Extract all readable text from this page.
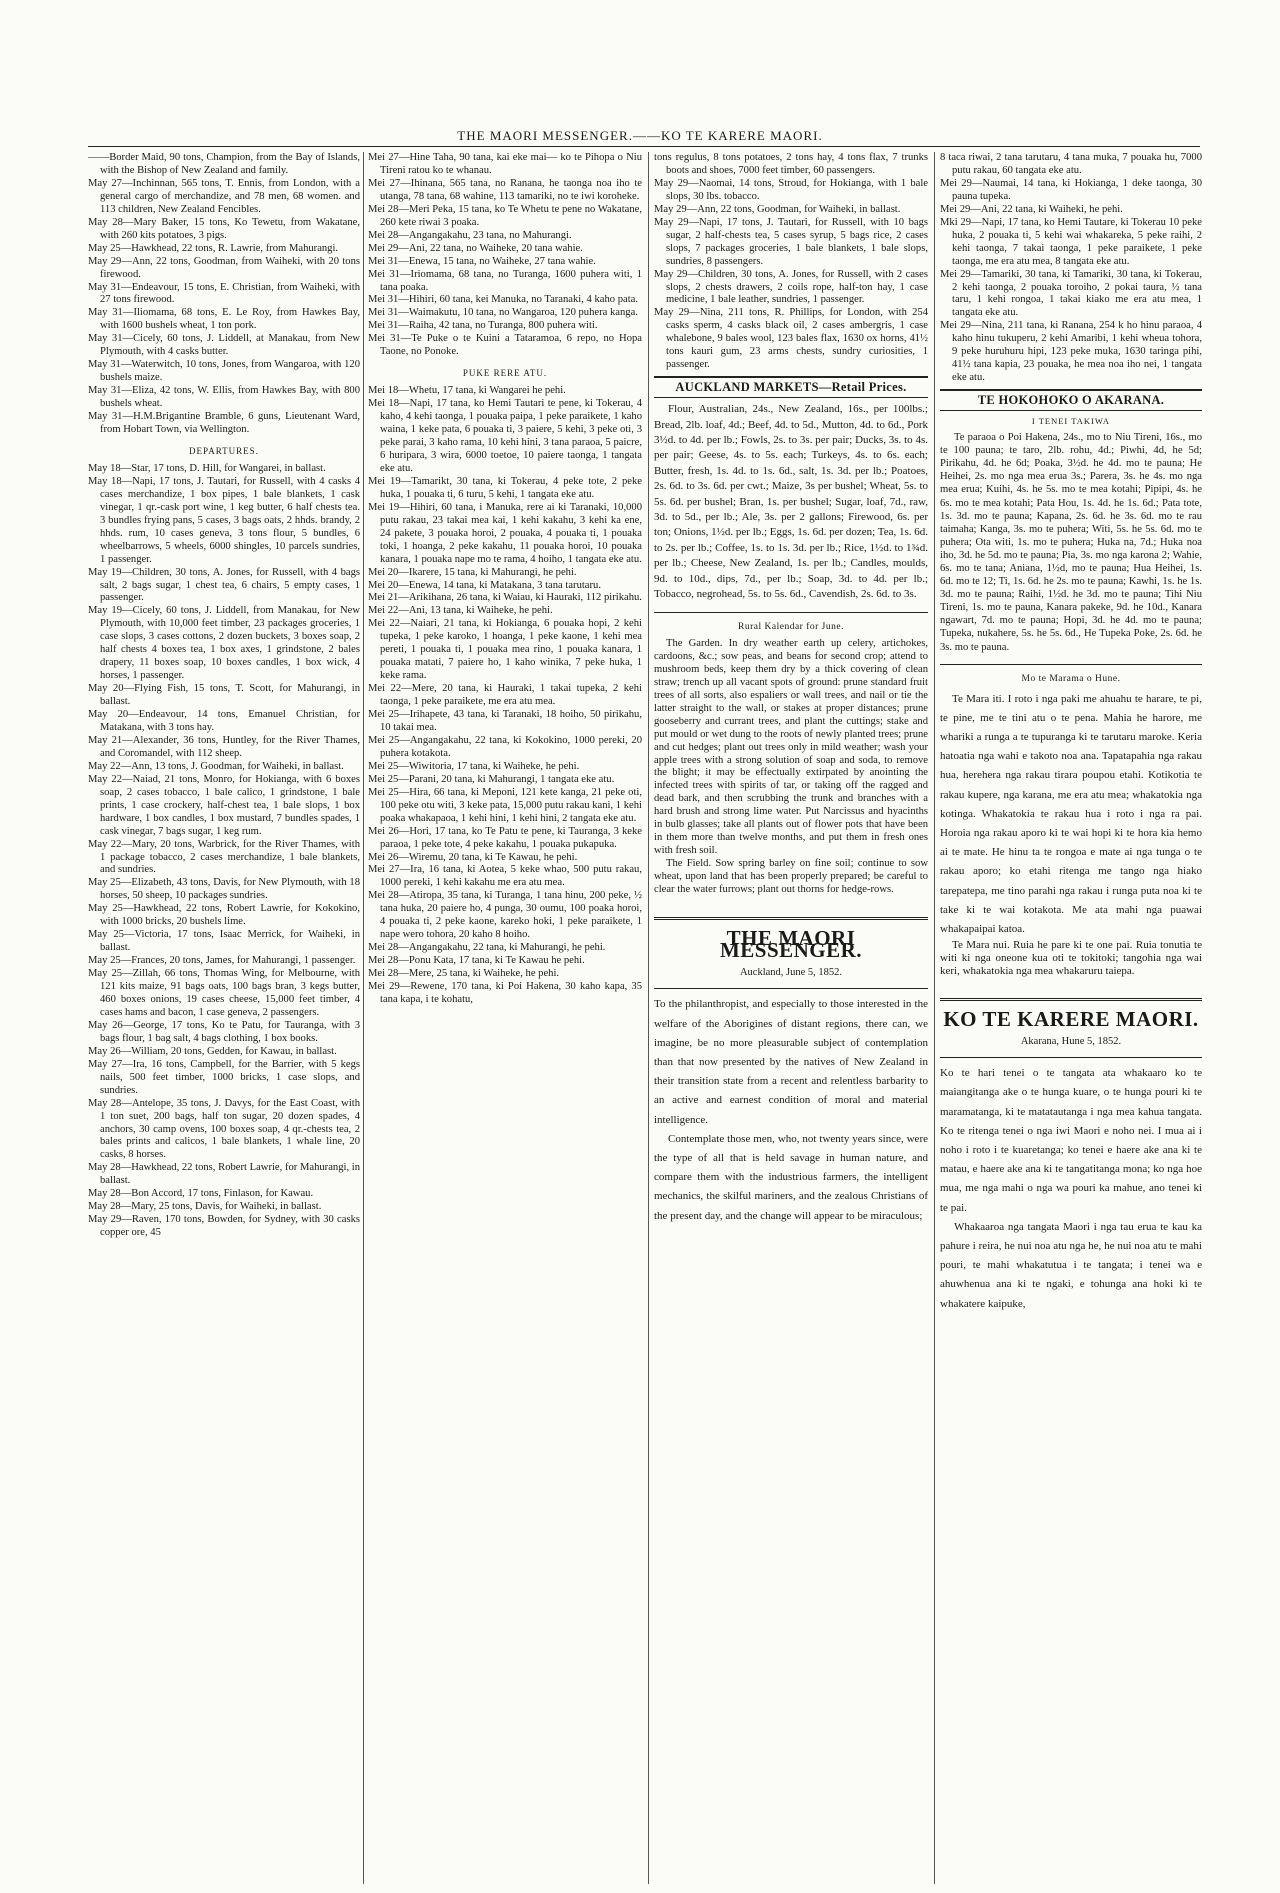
THE MAORI MESSENGER.——KO TE KARERE MAORI.

——Border Maid, 90 tons, Champion, from the Bay of Islands, with the Bishop of New Zealand and family.

May 27—Inchinnan, 565 tons, T. Ennis, from London, with a general cargo of merchandize, and 78 men, 68 women. and 113 children, New Zealand Fencibles.

May 28—Mary Baker, 15 tons, Ko Tewetu, from Wakatane, with 260 kits potatoes, 3 pigs.

May 25—Hawkhead, 22 tons, R. Lawrie, from Mahurangi.

May 29—Ann, 22 tons, Goodman, from Waiheki, with 20 tons firewood.

May 31—Endeavour, 15 tons, E. Christian, from Waiheki, with 27 tons firewood.

May 31—Iliomama, 68 tons, E. Le Roy, from Hawkes Bay, with 1600 bushels wheat, 1 ton pork.

May 31—Cicely, 60 tons, J. Liddell, at Manakau, from New Plymouth, with 4 casks butter.

May 31—Waterwitch, 10 tons, Jones, from Wangaroa, with 120 bushels maize.

May 31—Eliza, 42 tons, W. Ellis, from Hawkes Bay, with 800 bushels wheat.

May 31—H.M.Brigantine Bramble, 6 guns, Lieutenant Ward, from Hobart Town, via Wellington.

DEPARTURES.

May 18—Star, 17 tons, D. Hill, for Wangarei, in ballast.

May 18—Napi, 17 tons, J. Tautari, for Russell, with 4 casks 4 cases merchandize, 1 box pipes, 1 bale blankets, 1 cask vinegar, 1 qr.-cask port wine, 1 keg butter, 6 half chests tea. 3 bundles frying pans, 5 cases, 3 bags oats, 2 hhds. brandy, 2 hhds. rum, 10 cases geneva, 3 tons flour, 5 bundles, 6 wheelbarrows, 5 wheels, 6000 shingles, 10 parcels sundries, 1 passenger.

May 19—Children, 30 tons, A. Jones, for Russell, with 4 bags salt, 2 bags sugar, 1 chest tea, 6 chairs, 5 empty cases, 1 passenger.

May 19—Cicely, 60 tons, J. Liddell, from Manakau, for New Plymouth, with 10,000 feet timber, 23 packages groceries, 1 case slops, 3 cases cottons, 2 dozen buckets, 3 boxes soap, 2 half chests 4 boxes tea, 1 box axes, 1 grindstone, 2 bales drapery, 11 boxes soap, 10 boxes candles, 1 box wick, 4 horses, 1 passenger.

May 20—Flying Fish, 15 tons, T. Scott, for Mahurangi, in ballast.

May 20—Endeavour, 14 tons, Emanuel Christian, for Matakana, with 3 tons hay.

May 21—Alexander, 36 tons, Huntley, for the River Thames, and Coromandel, with 112 sheep.

May 22—Ann, 13 tons, J. Goodman, for Waiheki, in ballast.

May 22—Naiad, 21 tons, Monro, for Hokianga, with 6 boxes soap, 2 cases tobacco, 1 bale calico, 1 grindstone, 1 bale prints, 1 case crockery, half-chest tea, 1 bale slops, 1 box hardware, 1 box candles, 1 box mustard, 7 bundles spades, 1 cask vinegar, 7 bags sugar, 1 keg rum.

May 22—Mary, 20 tons, Warbrick, for the River Thames, with 1 package tobacco, 2 cases merchandize, 1 bale blankets, and sundries.

May 25—Elizabeth, 43 tons, Davis, for New Plymouth, with 18 horses, 50 sheep, 10 packages sundries.

May 25—Hawkhead, 22 tons, Robert Lawrie, for Kokokino, with 1000 bricks, 20 bushels lime.

May 25—Victoria, 17 tons, Isaac Merrick, for Waiheki, in ballast.

May 25—Frances, 20 tons, James, for Mahurangi, 1 passenger.

May 25—Zillah, 66 tons, Thomas Wing, for Melbourne, with 121 kits maize, 91 bags oats, 100 bags bran, 3 kegs butter, 460 boxes onions, 19 cases cheese, 15,000 feet timber, 4 cases hams and bacon, 1 case geneva, 2 passengers.

May 26—George, 17 tons, Ko te Patu, for Tauranga, with 3 bags flour, 1 bag salt, 4 bags clothing, 1 box books.

May 26—William, 20 tons, Gedden, for Kawau, in ballast.

May 27—Ira, 16 tons, Campbell, for the Barrier, with 5 kegs nails, 500 feet timber, 1000 bricks, 1 case slops, and sundries.

May 28—Antelope, 35 tons, J. Davys, for the East Coast, with 1 ton suet, 200 bags, half ton sugar, 20 dozen spades, 4 anchors, 30 camp ovens, 100 boxes soap, 4 qr.-chests tea, 2 bales prints and calicos, 1 bale blankets, 1 whale line, 20 casks, 8 horses.

May 28—Hawkhead, 22 tons, Robert Lawrie, for Mahurangi, in ballast.

May 28—Bon Accord, 17 tons, Finlason, for Kawau.

May 28—Mary, 25 tons, Davis, for Waiheki, in ballast.

May 29—Raven, 170 tons, Bowden, for Sydney, with 30 casks copper ore, 45

Mei 27—Hine Taha, 90 tana, kai eke mai— ko te Pihopa o Niu Tireni ratou ko te whanau.

Mei 27—Ihinana, 565 tana, no Ranana, he taonga noa iho te utanga, 78 tana, 68 wahine, 113 tamariki, no te iwi koroheke.

Mei 28—Meri Peka, 15 tana, ko Te Whetu te pene no Wakatane, 260 kete riwai 3 poaka.

Mei 28—Angangakahu, 23 tana, no Mahurangi.

Mei 29—Ani, 22 tana, no Waiheke, 20 tana wahie.

Mei 31—Enewa, 15 tana, no Waiheke, 27 tana wahie.

Mei 31—Iriomama, 68 tana, no Turanga, 1600 puhera witi, 1 tana poaka.

Mei 31—Hihiri, 60 tana, kei Manuka, no Taranaki, 4 kaho pata.

Mei 31—Waimakutu, 10 tana, no Wangaroa, 120 puhera kanga.

Mei 31—Raiha, 42 tana, no Turanga, 800 puhera witi.

Mei 31—Te Puke o te Kuini a Tataramoa, 6 repo, no Hopa Taone, no Ponoke.

PUKE RERE ATU.

Mei 18—Whetu, 17 tana, ki Wangarei he pehi.

Mei 18—Napi, 17 tana, ko Hemi Tautari te pene, ki Tokerau, 4 kaho, 4 kehi taonga, 1 pouaka paipa, 1 peke paraikete, 1 kaho waina, 1 keke pata, 6 pouaka ti, 3 paiere, 5 kehi, 3 peke oti, 3 peke parai, 3 kaho rama, 10 kehi hini, 3 tana paraoa, 5 paicre, 6 huripara, 3 wira, 6000 toetoe, 10 paiere taonga, 1 tangata eke atu.

Mei 19—Tamarikt, 30 tana, ki Tokerau, 4 peke tote, 2 peke huka, 1 pouaka ti, 6 turu, 5 kehi, 1 tangata eke atu.

Mei 19—Hihiri, 60 tana, i Manuka, rere ai ki Taranaki, 10,000 putu rakau, 23 takai mea kai, 1 kehi kakahu, 3 kehi ka ene, 24 pakete, 3 pouaka horoi, 2 pouaka, 4 pouaka ti, 1 pouaka toki, 1 hoanga, 2 peke kakahu, 11 pouaka horoi, 10 pouaka kanara, 1 pouaka nape mo te rama, 4 hoiho, 1 tangata eke atu.

Mei 20—Ikarere, 15 tana, ki Mahurangi, he pehi.

Mei 20—Enewa, 14 tana, ki Matakana, 3 tana tarutaru.

Mei 21—Arikihana, 26 tana, ki Waiau, ki Hauraki, 112 pirikahu.

Mei 22—Ani, 13 tana, ki Waiheke, he pehi.

Mei 22—Naiari, 21 tana, ki Hokianga, 6 pouaka hopi, 2 kehi tupeka, 1 peke karoko, 1 hoanga, 1 peke kaone, 1 kehi mea pereti, 1 pouaka ti, 1 pouaka mea rino, 1 pouaka kanara, 1 pouaka matati, 7 paiere ho, 1 kaho winika, 7 peke huka, 1 keke rama.

Mei 22—Mere, 20 tana, ki Hauraki, 1 takai tupeka, 2 kehi taonga, 1 peke paraikete, me era atu mea.

Mei 25—Irihapete, 43 tana, ki Taranaki, 18 hoiho, 50 pirikahu, 10 takai mea.

Mei 25—Angangakahu, 22 tana, ki Kokokino, 1000 pereki, 20 puhera kotakota.

Mei 25—Wiwitoria, 17 tana, ki Waiheke, he pehi.

Mei 25—Parani, 20 tana, ki Mahurangi, 1 tangata eke atu.

Mei 25—Hira, 66 tana, ki Meponi, 121 kete kanga, 21 peke oti, 100 peke otu witi, 3 keke pata, 15,000 putu rakau kani, 1 kehi poaka whakapaoa, 1 kehi hini, 1 kehi hini, 2 tangata eke atu.

Mei 26—Hori, 17 tana, ko Te Patu te pene, ki Tauranga, 3 keke paraoa, 1 peke tote, 4 peke kakahu, 1 pouaka pukapuka.

Mei 26—Wiremu, 20 tana, ki Te Kawau, he pehi.

Mei 27—Ira, 16 tana, ki Aotea, 5 keke whao, 500 putu rakau, 1000 pereki, 1 kehi kakahu me era atu mea.

Mei 28—Atiropa, 35 tana, ki Turanga, 1 tana hinu, 200 peke, ½ tana huka, 20 paiere ho, 4 punga, 30 oumu, 100 poaka horoi, 4 pouaka ti, 2 peke kaone, kareko hoki, 1 peke paraikete, 1 nape wero tohora, 20 kaho 8 hoiho.

Mei 28—Angangakahu, 22 tana, ki Mahurangi, he pehi.

Mei 28—Ponu Kata, 17 tana, ki Te Kawau he pehi.

Mei 28—Mere, 25 tana, ki Waiheke, he pehi.

Mei 29—Rewene, 170 tana, ki Poi Hakena, 30 kaho kapa, 35 tana kapa, i te kohatu,

tons regulus, 8 tons potatoes, 2 tons hay, 4 tons flax, 7 trunks boots and shoes, 7000 feet timber, 60 passengers.

May 29—Naomai, 14 tons, Stroud, for Hokianga, with 1 bale slops, 30 lbs. tobacco.

May 29—Ann, 22 tons, Goodman, for Waiheki, in ballast.

May 29—Napi, 17 tons, J. Tautari, for Russell, with 10 bags sugar, 2 half-chests tea, 5 cases syrup, 5 bags rice, 2 cases slops, 7 packages groceries, 1 bale blankets, 1 bale slops, sundries, 8 passengers.

May 29—Children, 30 tons, A. Jones, for Russell, with 2 cases slops, 2 chests drawers, 2 coils rope, half-ton hay, 1 case medicine, 1 bale leather, sundries, 1 passenger.

May 29—Nina, 211 tons, R. Phillips, for London, with 254 casks sperm, 4 casks black oil, 2 cases ambergris, 1 case whalebone, 9 bales wool, 123 bales flax, 1630 ox horns, 41½ tons kauri gum, 23 arms chests, sundry curiosities, 1 passenger.

AUCKLAND MARKETS—Retail Prices.

Flour, Australian, 24s., New Zealand, 16s., per 100lbs.; Bread, 2lb. loaf, 4d.; Beef, 4d. to 5d., Mutton, 4d. to 6d., Pork 3½d. to 4d. per lb.; Fowls, 2s. to 3s. per pair; Ducks, 3s. to 4s. per pair; Geese, 4s. to 5s. each; Turkeys, 4s. to 6s. each; Butter, fresh, 1s. 4d. to 1s. 6d., salt, 1s. 3d. per lb.; Poatoes, 2s. 6d. to 3s. 6d. per cwt.; Maize, 3s per bushel; Wheat, 5s. to 5s. 6d. per bushel; Bran, 1s. per bushel; Sugar, loaf, 7d., raw, 3d. to 5d., per lb.; Ale, 3s. per 2 gallons; Firewood, 6s. per ton; Onions, 1½d. per lb.; Eggs, 1s. 6d. per dozen; Tea, 1s. 6d. to 2s. per lb.; Coffee, 1s. to 1s. 3d. per lb.; Rice, 1½d. to 1¾d. per lb.; Cheese, New Zealand, 1s. per lb.; Candles, moulds, 9d. to 10d., dips, 7d., per lb.; Soap, 3d. to 4d. per lb.; Tobacco, negrohead, 5s. to 5s. 6d., Cavendish, 2s. 6d. to 3s.

Rural Kalendar for June.

The Garden. In dry weather earth up celery, artichokes, cardoons, &c.; sow peas, and beans for second crop; attend to mushroom beds, keep them dry by a thick covering of clean straw; trench up all vacant spots of ground: prune standard fruit trees of all sorts, also espaliers or wall trees, and nail or tie the latter straight to the wall, or stakes at proper distances; prune gooseberry and currant trees, and plant the cuttings; stake and put mould or wet dung to the roots of newly planted trees; prune and cut hedges; plant out trees only in mild weather; wash your apple trees with a strong solution of soap and soda, to remove the blight; it may be effectually extirpated by anointing the infected trees with spirits of tar, or taking off the ragged and dead bark, and then scrubbing the trunk and branches with a hard brush and strong lime water. Put Narcissus and hyacinths in bulb glasses; take all plants out of flower pots that have been in them more than twelve months, and put them in fresh ones with fresh soil.

The Field. Sow spring barley on fine soil; continue to sow wheat, upon land that has been properly prepared; be careful to clear the water furrows; plant out thorns for hedge-rows.

THE MAORI MESSENGER.
Auckland, June 5, 1852.

To the philanthropist, and especially to those interested in the welfare of the Aborigines of distant regions, there can, we imagine, be no more pleasurable subject of contemplation than that now presented by the natives of New Zealand in their transition state from a recent and relentless barbarity to an active and earnest condition of moral and material intelligence.

Contemplate those men, who, not twenty years since, were the type of all that is held savage in human nature, and compare them with the industrious farmers, the intelligent mechanics, the skilful mariners, and the zealous Christians of the present day, and the change will appear to be miraculous;

8 taca riwai, 2 tana tarutaru, 4 tana muka, 7 pouaka hu, 7000 putu rakau, 60 tangata eke atu.

Mei 29—Naumai, 14 tana, ki Hokianga, 1 deke taonga, 30 pauna tupeka.

Mei 29—Ani, 22 tana, ki Waiheki, he pehi.

Mki 29—Napi, 17 tana, ko Hemi Tautare, ki Tokerau 10 peke huka, 2 pouaka ti, 5 kehi wai whakareka, 5 peke raihi, 2 kehi taonga, 7 takai taonga, 1 peke paraikete, 1 peke taonga, me era atu mea, 8 tangata eke atu.

Mei 29—Tamariki, 30 tana, ki Tamariki, 30 tana, ki Tokerau, 2 kehi taonga, 2 pouaka toroiho, 2 pokai taura, ½ tana taru, 1 kehi rongoa, 1 takai kiako me era atu mea, 1 tangata eke atu.

Mei 29—Nina, 211 tana, ki Ranana, 254 k ho hinu paraoa, 4 kaho hinu tukuperu, 2 kehi Amaribi, 1 kehi wheua tohora, 9 peke huruhuru hipi, 123 peke muka, 1630 taringa pihi, 41½ tana kapia, 23 pouaka, he mea noa iho nei, 1 tangata eke atu.

TE HOKOHOKO O AKARANA.
I TENEI TAKIWA

Te paraoa o Poi Hakena, 24s., mo to Niu Tireni, 16s., mo te 100 pauna; te taro, 2lb. rohu, 4d.; Piwhi, 4d, he 5d; Pirikahu, 4d. he 6d; Poaka, 3½d. he 4d. mo te pauna; He Heihei, 2s. mo nga mea erua 3s.; Parera, 3s. he 4s. mo nga mea erua; Kuihi, 4s. he 5s. mo te mea kotahi; Pipipi, 4s. he 6s. mo te mea kotahi; Pata Hou, 1s. 4d. he 1s. 6d.; Pata tote, 1s. 3d. mo te pauna; Kapana, 2s. 6d. he 3s. 6d. mo te rau taimaha; Kanga, 3s. mo te puhera; Witi, 5s. he 5s. 6d. mo te puhera; Ota witi, 1s. mo te puhera; Huka na, 7d.; Huka noa iho, 3d. he 5d. mo te pauna; Pia, 3s. mo nga karona 2; Wahie, 6s. mo te tana; Aniana, 1½d, mo te pauna; Hua Heihei, 1s. 6d. mo te 12; Ti, 1s. 6d. he 2s. mo te pauna; Kawhi, 1s. he 1s. 3d. mo te pauna; Raihi, 1½d. he 3d. mo te pauna; Tihi Niu Tireni, 1s. mo te pauna, Kanara pakeke, 9d. he 10d., Kanara ngawart, 7d. mo te pauna; Hopi, 3d. he 4d. mo te pauna; Tupeka, nukahere, 5s. he 5s. 6d., He Tupeka Poke, 2s. 6d. he 3s. mo te pauna.

Mo te Marama o Hune.

Te Mara iti. I roto i nga paki me ahuahu te harare, te pi, te pine, me te tini atu o te pena. Mahia he harore, me whariki a runga a te tupuranga ki te tarutaru maroke. Keria hatoatia nga wahi e takoto noa ana. Tapatapahia nga rakau hua, herehera nga rakau tirara poupou etahi. Kotikotia te rakau kupere, nga karana, me era atu mea; whakatokia nga kotinga. Whakatokia te rakau hua i roto i nga ra pai. Horoia nga rakau aporo ki te wai hopi ki te hora kia hemo ai te mate. He hinu ta te rongoa e mate ai nga tunga o te rakau aporo; ko etahi ritenga me tango nga hiako tarepatepa, me tino parahi nga rakau i runga puta noa ki te take ki te wai kotakota. Me ata mahi nga puawai whakapaipai katoa.

Te Mara nui. Ruia he pare ki te one pai. Ruia tonutia te witi ki nga oneone kua oti te tokitoki; tangohia nga wai keri, whakatokia nga mea whakaruru taiepa.

KO TE KARERE MAORI.
Akarana, Hune 5, 1852.

Ko te hari tenei o te tangata ata whakaaro ko te maiangitanga ake o te hunga kuare, o te hunga pouri ki te maramatanga, ki te matatautanga i nga mea kahua tangata. Ko te ritenga tenei o nga iwi Maori e noho nei. I mua ai i noho i roto i te kuaretanga; ko tenei e haere ake ana ki te matau, e haere ake ana ki te tangatitanga mona; ko nga hoe mua, me nga mahi o nga wa pouri ka mahue, ano tenei ki te pai.

Whakaaroa nga tangata Maori i nga tau erua te kau ka pahure i reira, he nui noa atu nga he, he nui noa atu te mahi pouri, te mahi whakatutua i te tangata; i tenei wa e ahuwhenua ana ki te ngaki, e tohunga ana hoki ki te whakatere kaipuke,
